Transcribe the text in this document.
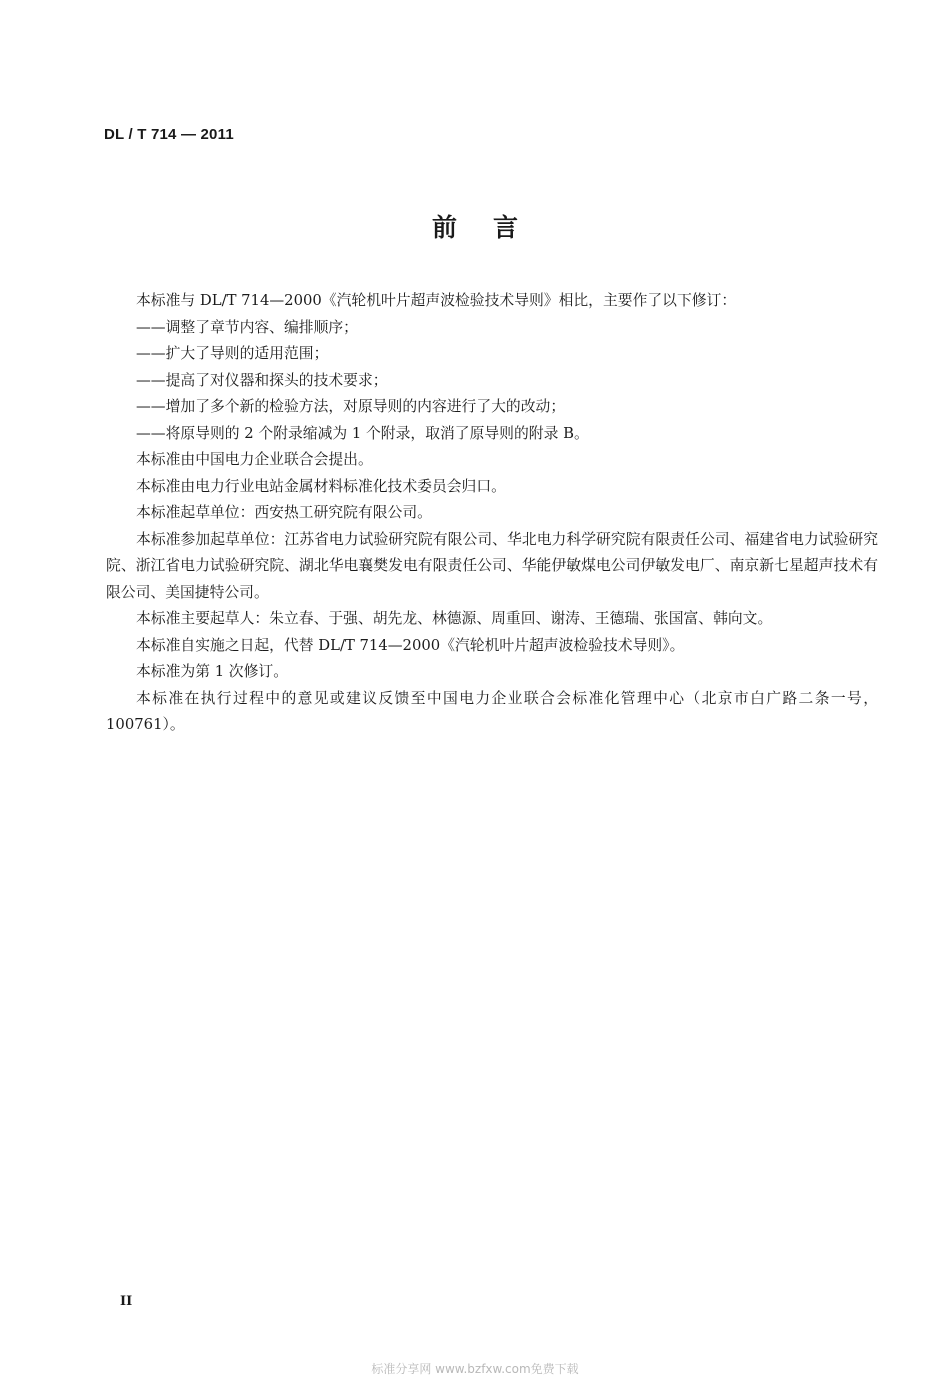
DL / T 714 — 2011
前言

本标准与 DL/T 714—2000《汽轮机叶片超声波检验技术导则》相比，主要作了以下修订：

——调整了章节内容、编排顺序；

——扩大了导则的适用范围；

——提高了对仪器和探头的技术要求；

——增加了多个新的检验方法，对原导则的内容进行了大的改动；

——将原导则的 2 个附录缩减为 1 个附录，取消了原导则的附录 B。

本标准由中国电力企业联合会提出。

本标准由电力行业电站金属材料标准化技术委员会归口。

本标准起草单位：西安热工研究院有限公司。

本标准参加起草单位：江苏省电力试验研究院有限公司、华北电力科学研究院有限责任公司、福建省电力试验研究院、浙江省电力试验研究院、湖北华电襄樊发电有限责任公司、华能伊敏煤电公司伊敏发电厂、南京新七星超声技术有限公司、美国捷特公司。

本标准主要起草人：朱立春、于强、胡先龙、林德源、周重回、谢涛、王德瑞、张国富、韩向文。

本标准自实施之日起，代替 DL/T 714—2000《汽轮机叶片超声波检验技术导则》。

本标准为第 1 次修订。

本标准在执行过程中的意见或建议反馈至中国电力企业联合会标准化管理中心（北京市白广路二条一号，100761）。

II
标准分享网 www.bzfxw.com免费下载
